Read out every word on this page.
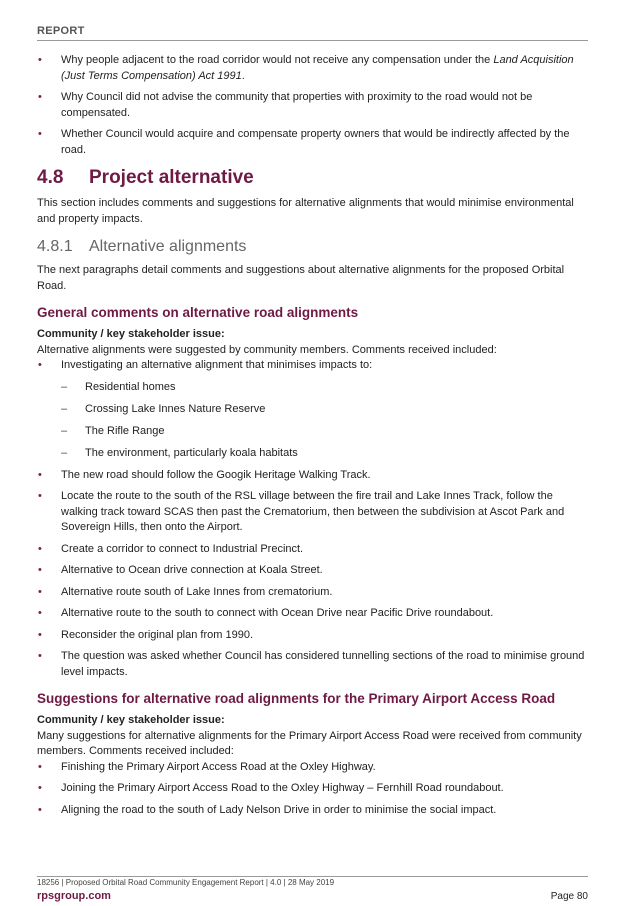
REPORT
• Why people adjacent to the road corridor would not receive any compensation under the Land Acquisition (Just Terms Compensation) Act 1991.
• Why Council did not advise the community that properties with proximity to the road would not be compensated.
• Whether Council would acquire and compensate property owners that would be indirectly affected by the road.
4.8 Project alternative

This section includes comments and suggestions for alternative alignments that would minimise environmental and property impacts.

4.8.1 Alternative alignments

The next paragraphs detail comments and suggestions about alternative alignments for the proposed Orbital Road.

General comments on alternative road alignments

Community / key stakeholder issue:

Alternative alignments were suggested by community members. Comments received included:

• Investigating an alternative alignment that minimises impacts to:
– Residential homes
– Crossing Lake Innes Nature Reserve
– The Rifle Range
– The environment, particularly koala habitats
• The new road should follow the Googik Heritage Walking Track.
• Locate the route to the south of the RSL village between the fire trail and Lake Innes Track, follow the walking track toward SCAS then past the Crematorium, then between the subdivision at Ascot Park and Sovereign Hills, then onto the Airport.
• Create a corridor to connect to Industrial Precinct.
• Alternative to Ocean drive connection at Koala Street.
• Alternative route south of Lake Innes from crematorium.
• Alternative route to the south to connect with Ocean Drive near Pacific Drive roundabout.
• Reconsider the original plan from 1990.
• The question was asked whether Council has considered tunnelling sections of the road to minimise ground level impacts.
Suggestions for alternative road alignments for the Primary Airport Access Road

Community / key stakeholder issue:

Many suggestions for alternative alignments for the Primary Airport Access Road were received from community members. Comments received included:

• Finishing the Primary Airport Access Road at the Oxley Highway.
• Joining the Primary Airport Access Road to the Oxley Highway – Fernhill Road roundabout.
• Aligning the road to the south of Lady Nelson Drive in order to minimise the social impact.
18256 | Proposed Orbital Road Community Engagement Report | 4.0 | 28 May 2019
rpsgroup.com	Page 80
